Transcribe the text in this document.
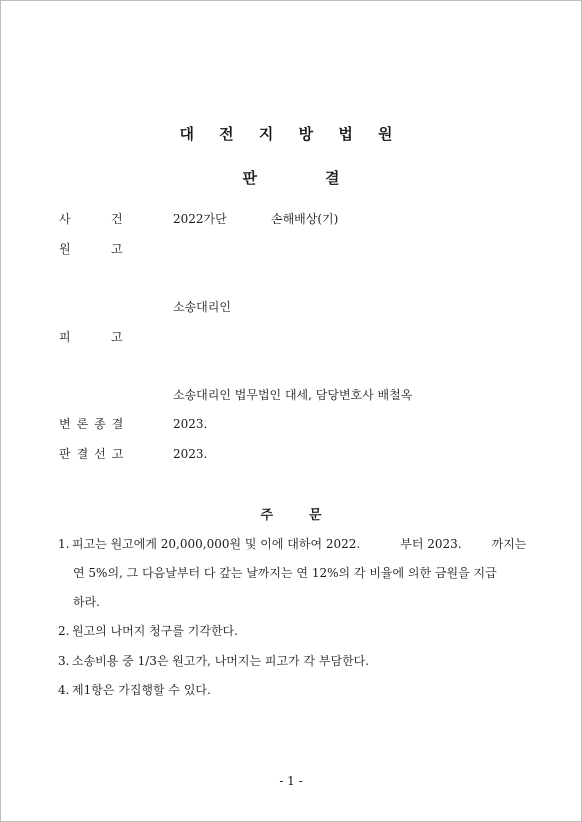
대 전 지 방 법 원
판	결
사	건	2022가단	손해배상(기)
원	고
소송대리인
피	고
소송대리인 법무법인 대세, 담당변호사 배철옥
변론종결	2023.
판결선고	2023.
주	문
1. 피고는 원고에게 20,000,000원 및 이에 대하여 2022.	부터 2023.	까지는
연 5%의, 그 다음날부터 다 갚는 날까지는 연 12%의 각 비율에 의한 금원을 지급
하라.
2. 원고의 나머지 청구를 기각한다.
3. 소송비용 중 1/3은 원고가, 나머지는 피고가 각 부담한다.
4. 제1항은 가집행할 수 있다.
- 1 -
